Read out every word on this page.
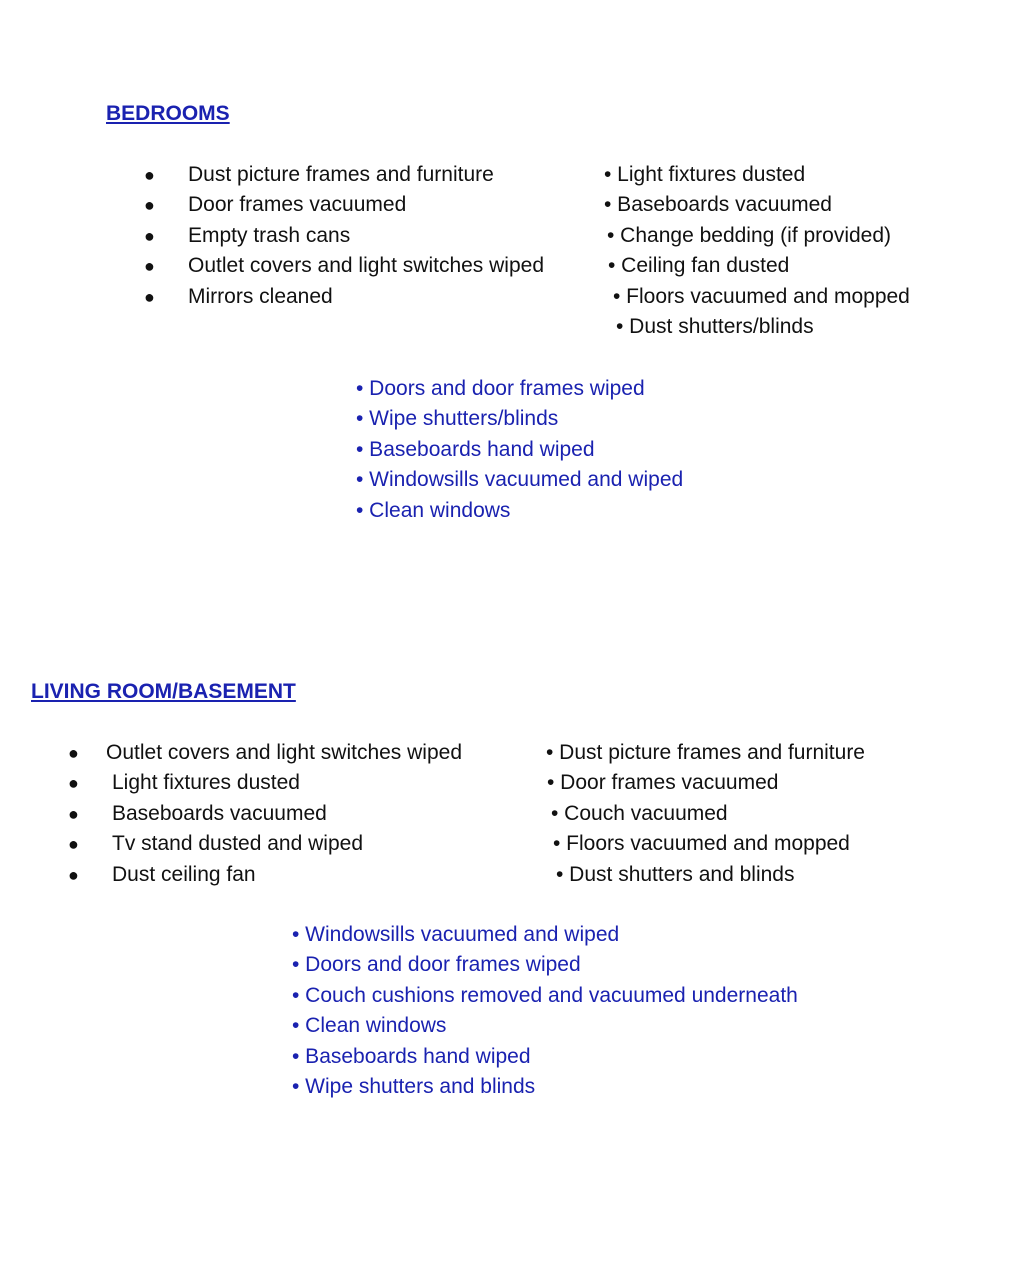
BEDROOMS
● Dust picture frames and furniture
● Door frames vacuumed
● Empty trash cans
● Outlet covers and light switches wiped
● Mirrors cleaned
• Light fixtures dusted
• Baseboards vacuumed
• Change bedding (if provided)
• Ceiling fan dusted
• Floors vacuumed and mopped
• Dust shutters/blinds
• Doors and door frames wiped
• Wipe shutters/blinds
• Baseboards hand wiped
• Windowsills vacuumed and wiped
• Clean windows
LIVING ROOM/BASEMENT
● Outlet covers and light switches wiped
● Light fixtures dusted
● Baseboards vacuumed
● Tv stand dusted and wiped
● Dust ceiling fan
• Dust picture frames and furniture
• Door frames vacuumed
• Couch vacuumed
• Floors vacuumed and mopped
• Dust shutters and blinds
• Windowsills vacuumed and wiped
• Doors and door frames wiped
• Couch cushions removed and vacuumed underneath
• Clean windows
• Baseboards hand wiped
• Wipe shutters and blinds
